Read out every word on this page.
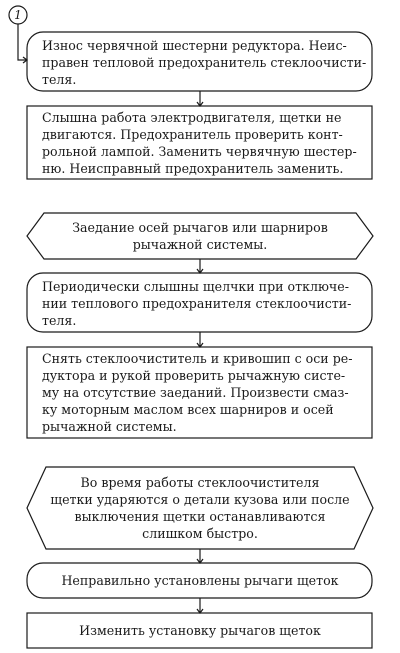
1
Износ червячной шестерни редуктора. Неис-
правен тепловой предохранитель стеклоочисти-
теля.
Слышна работа электродвигателя, щетки не
двигаются. Предохранитель проверить конт-
рольной лампой. Заменить червячную шестер-
ню. Неисправный предохранитель заменить.
Заедание осей рычагов или шарниров
рычажной системы.
Периодически слышны щелчки при отключе-
нии теплового предохранителя стеклоочисти-
теля.
Снять стеклоочиститель и кривошип с оси ре-
дуктора и рукой проверить рычажную систе-
му на отсутствие заеданий. Произвести смаз-
ку моторным маслом всех шарниров и осей
рычажной системы.
Во время работы стеклоочистителя
щетки ударяются о детали кузова или после
выключения щетки останавливаются
слишком быстро.
Неправильно установлены рычаги щеток
Изменить установку рычагов щеток
